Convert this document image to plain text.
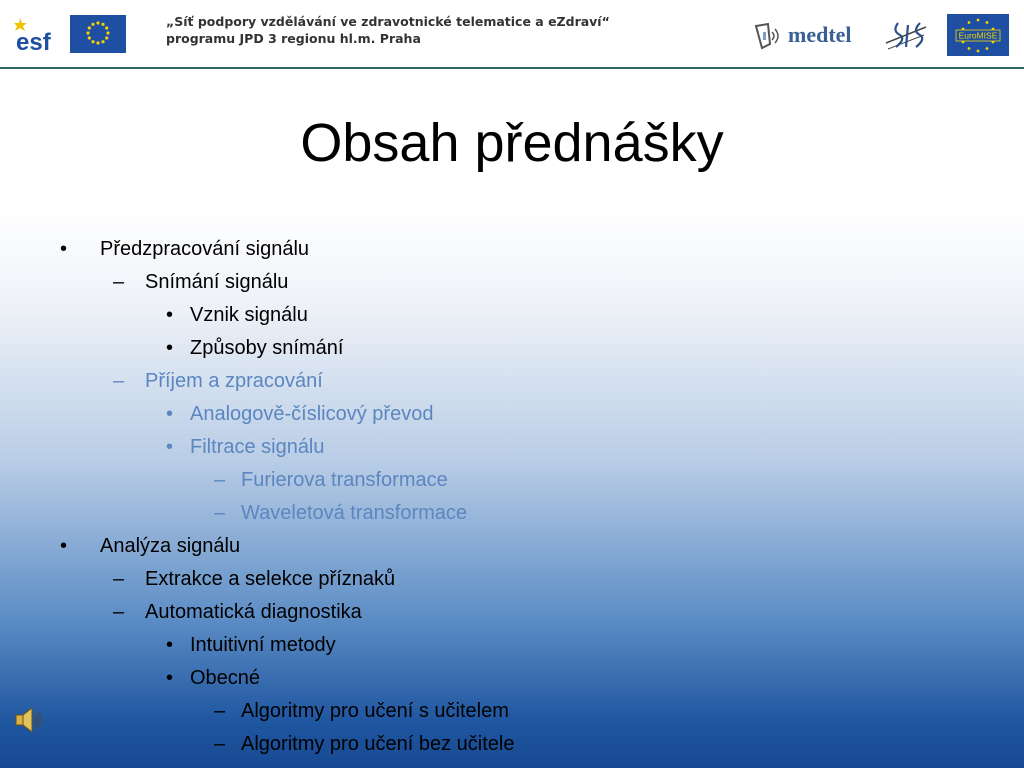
esf
„Síť podpory vzdělávání ve zdravotnické telematice a eZdraví“
programu JPD 3 regionu hl.m. Praha	medtel	EuroMISE
Obsah přednášky
• Předzpracování signálu
– Snímání signálu
• Vznik signálu
• Způsoby snímání
– Příjem a zpracování
• Analogově-číslicový převod
• Filtrace signálu
– Furierova transformace
– Waveletová transformace
• Analýza signálu
– Extrakce a selekce příznaků
– Automatická diagnostika
• Intuitivní metody
• Obecné
– Algoritmy pro učení s učitelem
– Algoritmy pro učení bez učitele
